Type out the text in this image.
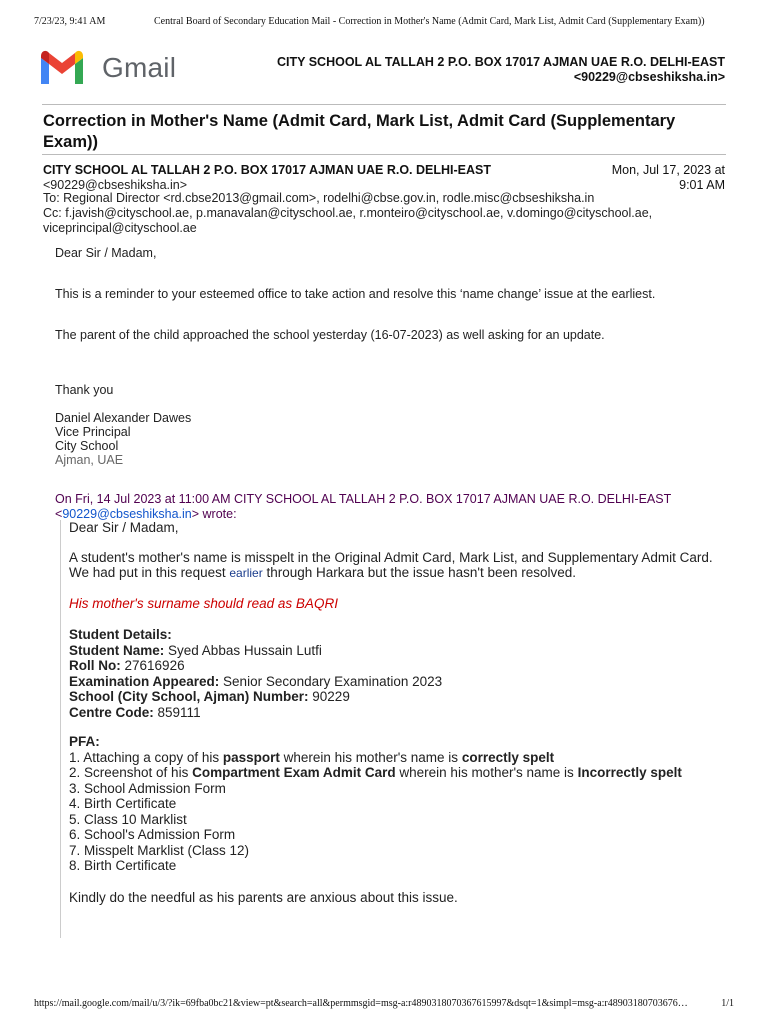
7/23/23, 9:41 AM	Central Board of Secondary Education Mail - Correction in Mother's Name (Admit Card, Mark List, Admit Card (Supplementary Exam))
Gmail	CITY SCHOOL AL TALLAH 2 P.O. BOX 17017 AJMAN UAE R.O. DELHI-EAST
<90229@cbseshiksha.in>
Correction in Mother's Name (Admit Card, Mark List, Admit Card (Supplementary Exam))
CITY SCHOOL AL TALLAH 2 P.O. BOX 17017 AJMAN UAE R.O. DELHI-EAST
<90229@cbseshiksha.in>
Mon, Jul 17, 2023 at
9:01 AM
To: Regional Director <rd.cbse2013@gmail.com>, rodelhi@cbse.gov.in, rodle.misc@cbseshiksha.in
Cc: f.javish@cityschool.ae, p.manavalan@cityschool.ae, r.monteiro@cityschool.ae, v.domingo@cityschool.ae, viceprincipal@cityschool.ae

Dear Sir / Madam,

This is a reminder to your esteemed office to take action and resolve this ‘name change’ issue at the earliest.

The parent of the child approached the school yesterday (16-07-2023) as well asking for an update.

Thank you

Daniel Alexander Dawes

Vice Principal

City School

Ajman, UAE

On Fri, 14 Jul 2023 at 11:00 AM CITY SCHOOL AL TALLAH 2 P.O. BOX 17017 AJMAN UAE R.O. DELHI-EAST
<90229@cbseshiksha.in> wrote:

Dear Sir / Madam,

A student's mother's name is misspelt in the Original Admit Card, Mark List, and Supplementary Admit Card. We had put in this request earlier through Harkara but the issue hasn't been resolved.

His mother's surname should read as BAQRI

Student Details:

Student Name: Syed Abbas Hussain Lutfi

Roll No: 27616926

Examination Appeared: Senior Secondary Examination 2023

School (City School, Ajman) Number: 90229

Centre Code: 859111

PFA:

1. Attaching a copy of his passport wherein his mother's name is correctly spelt

2. Screenshot of his Compartment Exam Admit Card wherein his mother's name is Incorrectly spelt

3. School Admission Form

4. Birth Certificate

5. Class 10 Marklist

6. School's Admission Form

7. Misspelt Marklist (Class 12)

8. Birth Certificate

Kindly do the needful as his parents are anxious about this issue.

https://mail.google.com/mail/u/3/?ik=69fba0bc21&view=pt&search=all&permmsgid=msg-a:r4890318070367615997&dsqt=1&simpl=msg-a:r48903180703676…	1/1
